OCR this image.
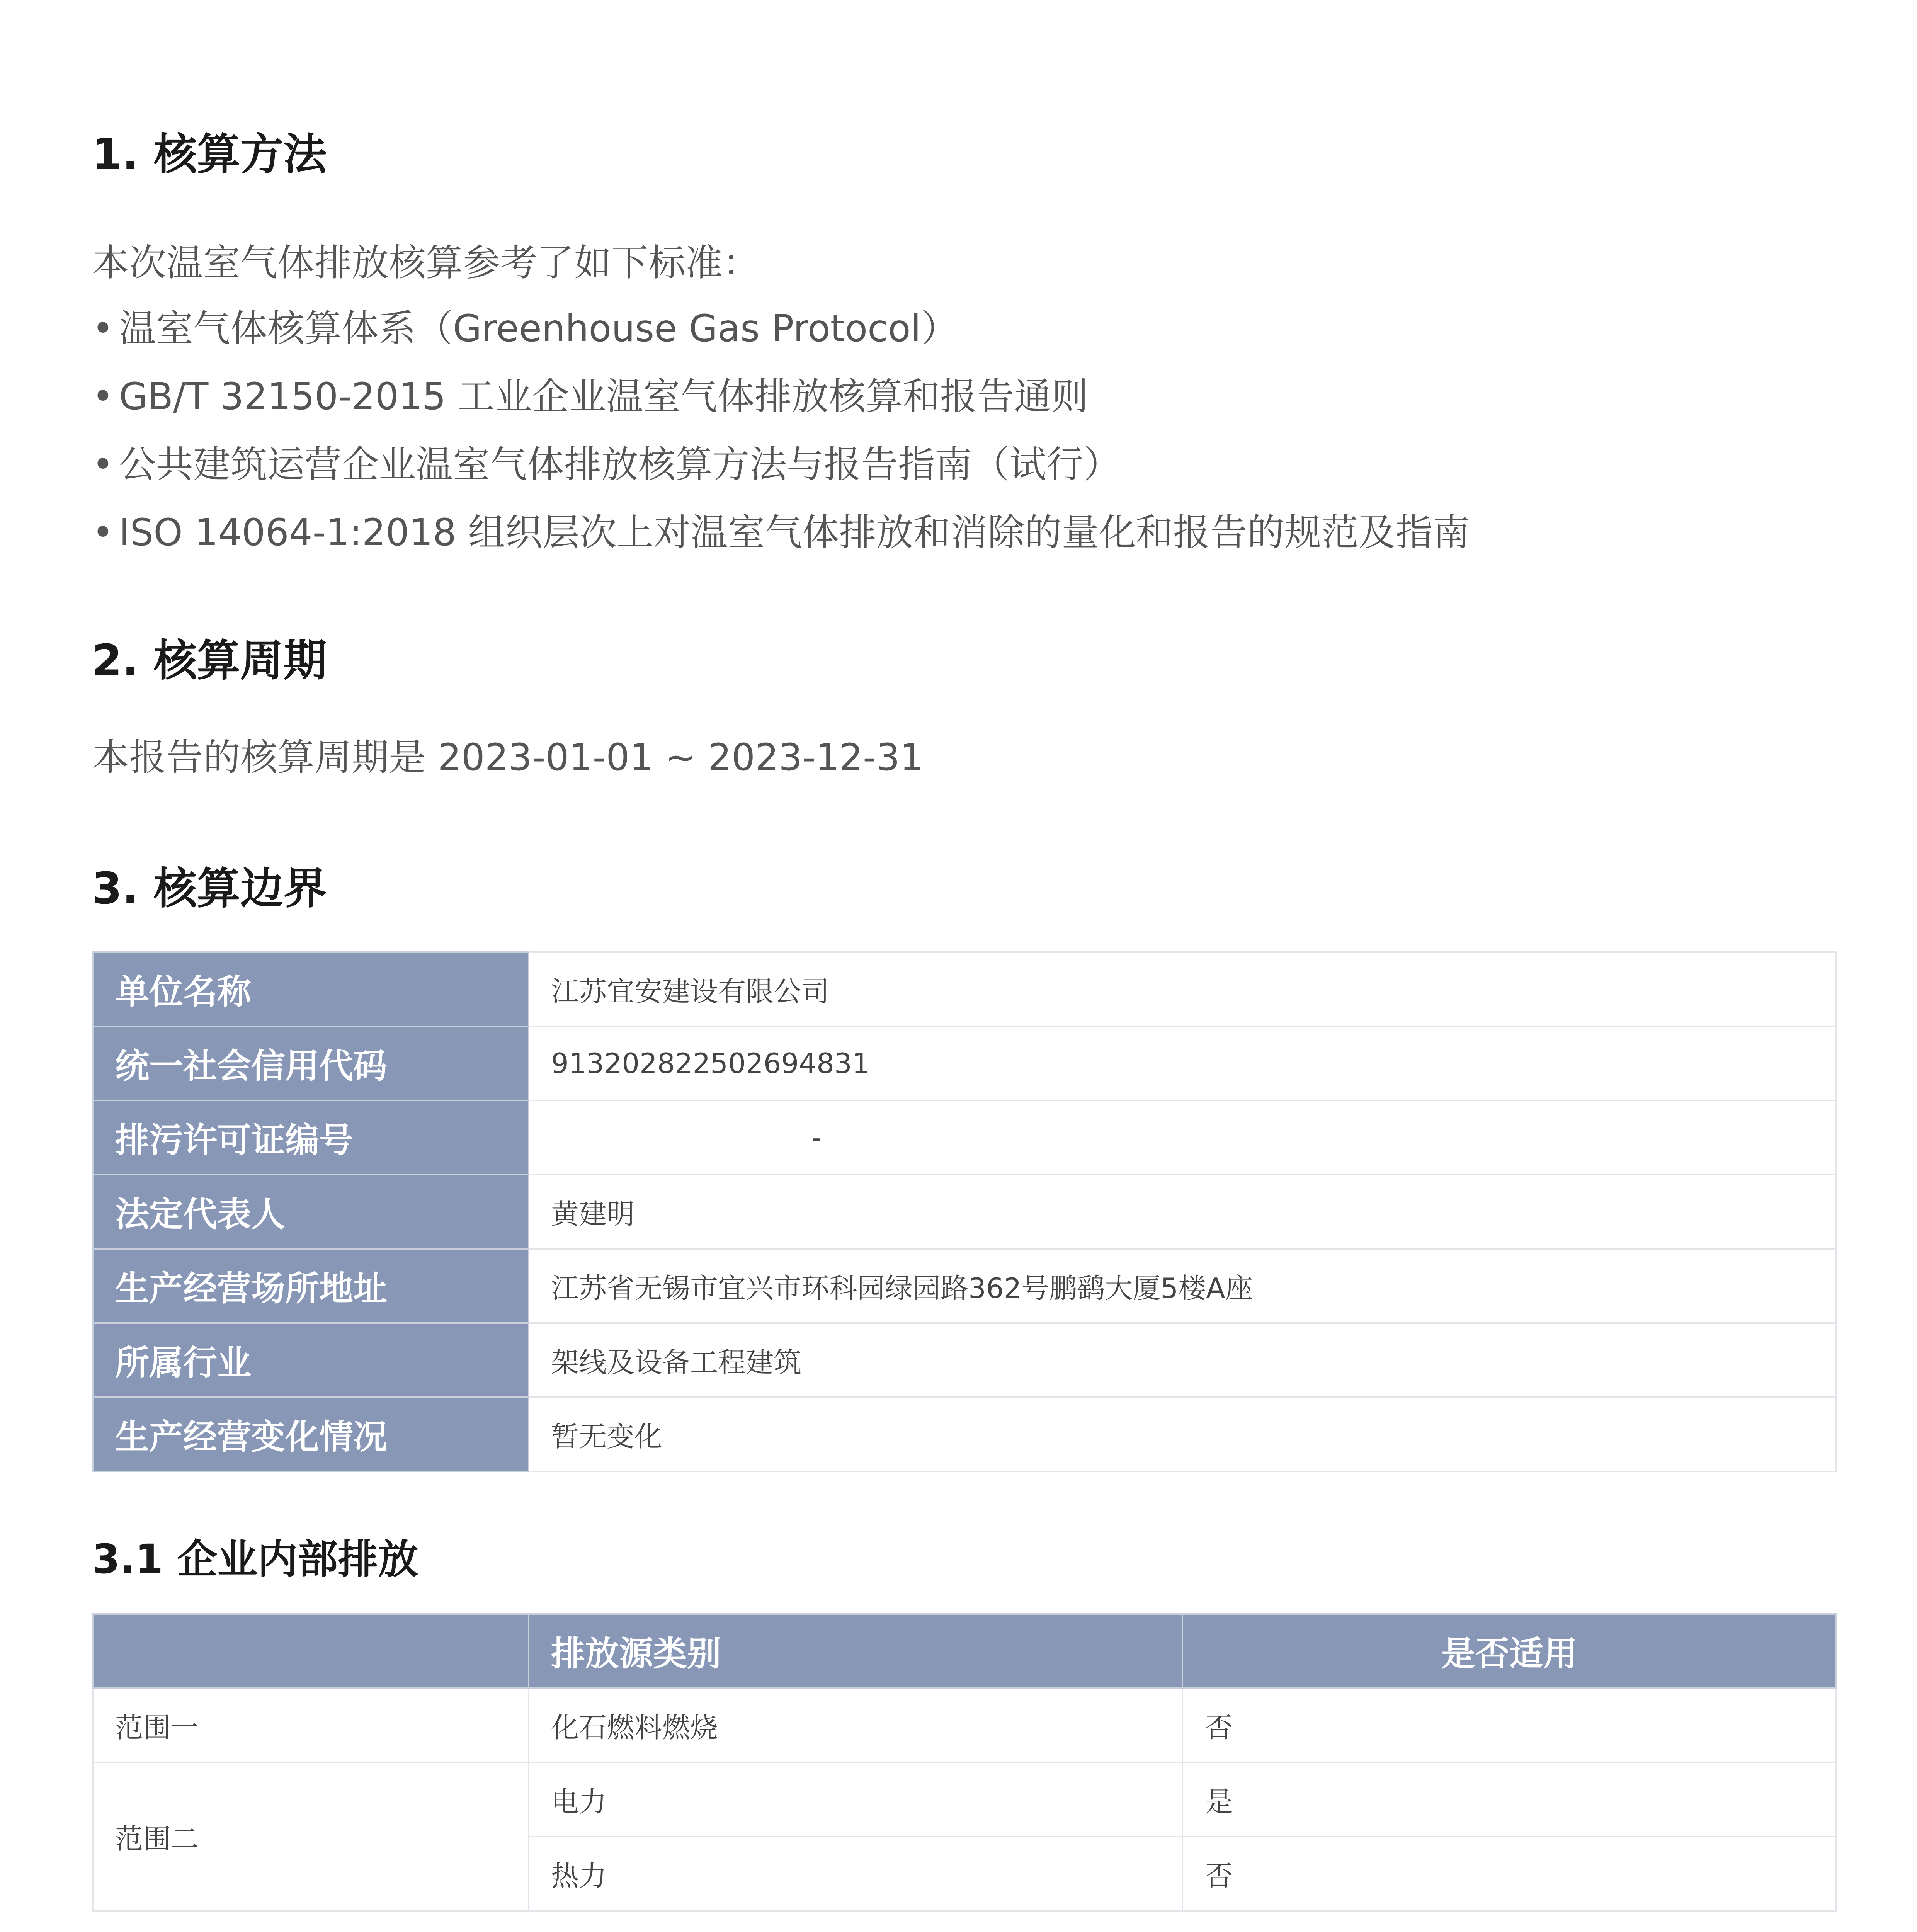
1. 核算方法
本次温室气体排放核算参考了如下标准：
• 温室气体核算体系（Greenhouse Gas Protocol）
• GB/T 32150-2015 工业企业温室气体排放核算和报告通则
• 公共建筑运营企业温室气体排放核算方法与报告指南（试行）
• ISO 14064-1:2018 组织层次上对温室气体排放和消除的量化和报告的规范及指南
2. 核算周期
本报告的核算周期是 2023-01-01 ~ 2023-12-31
3. 核算边界
单位名称	江苏宜安建设有限公司
统一社会信用代码	913202822502694831
排污许可证编号	-
法定代表人	黄建明
生产经营场所地址	江苏省无锡市宜兴市环科园绿园路362号鹏鹞大厦5楼A座
所属行业	架线及设备工程建筑
生产经营变化情况	暂无变化
3.1 企业内部排放
	排放源类别	是否适用
范围一	化石燃料燃烧	否
范围二	电力	是
	热力	否
